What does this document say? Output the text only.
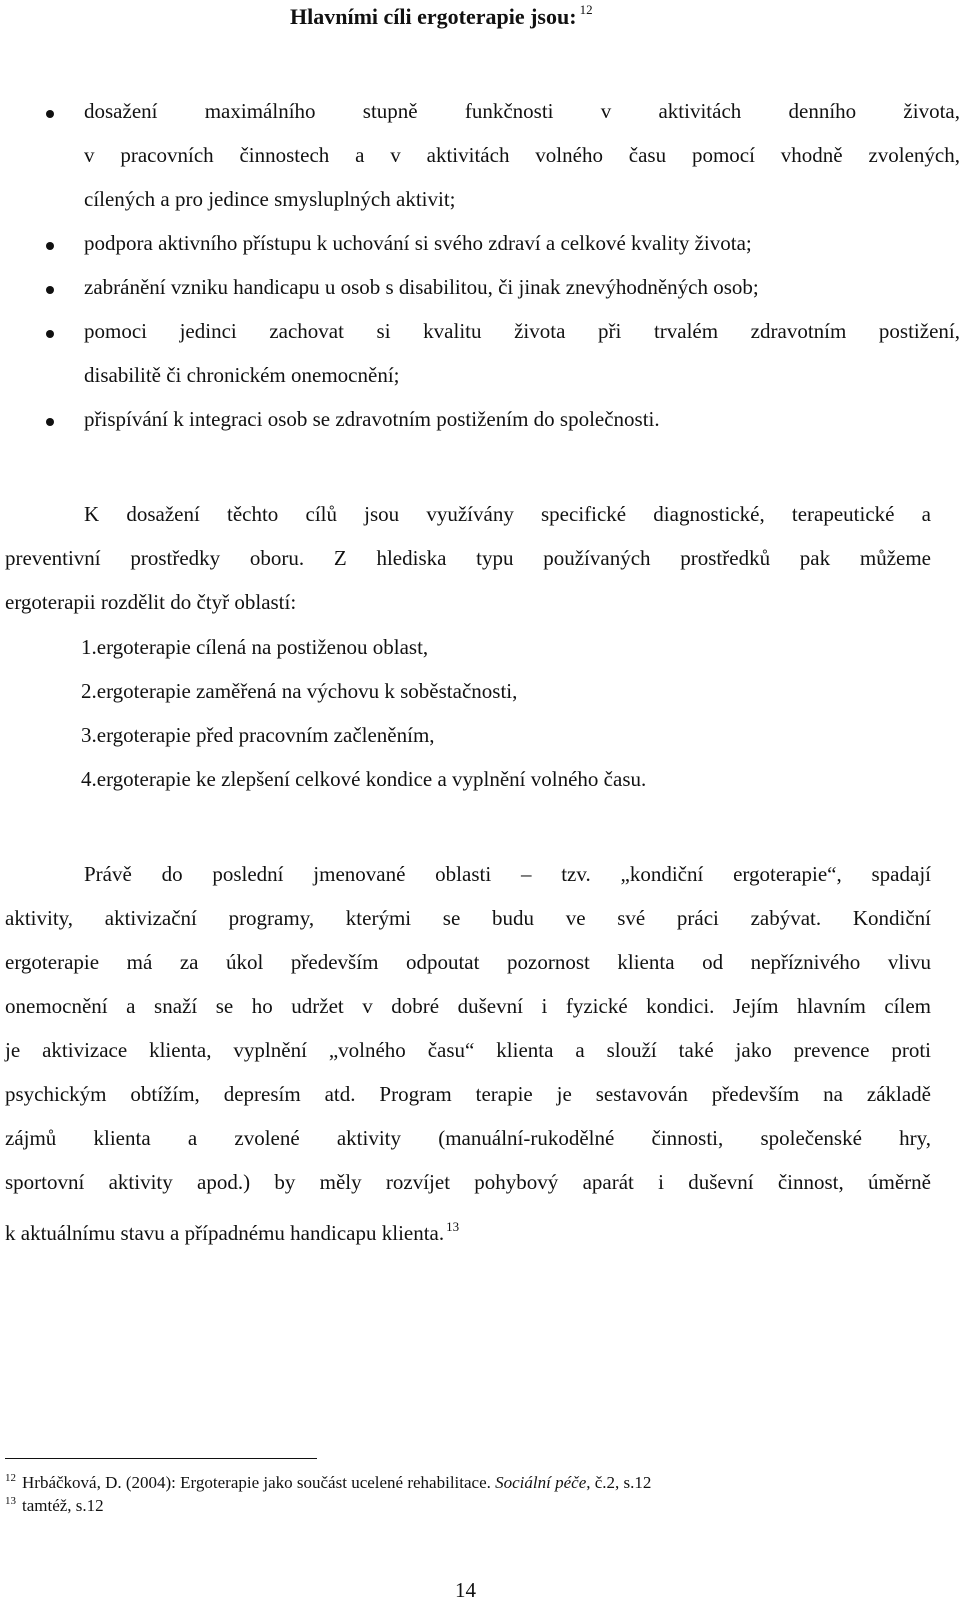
Hlavními cíli ergoterapie jsou: $^{12}$
dosažení maximálního stupně funkčnosti v aktivitách denního života,
v pracovních činnostech a v aktivitách volného času pomocí vhodně zvolených,
cílených a pro jedince smysluplných aktivit;
podpora aktivního přístupu k uchování si svého zdraví a celkové kvality života;
zabránění vzniku handicapu u osob s disabilitou, či jinak znevýhodněných osob;
pomoci jedinci zachovat si kvalitu života při trvalém zdravotním postižení,
disabilitě či chronickém onemocnění;
přispívání k integraci osob se zdravotním postižením do společnosti.
K dosažení těchto cílů jsou využívány specifické diagnostické, terapeutické a
preventivní prostředky oboru. Z hlediska typu používaných prostředků pak můžeme
ergoterapii rozdělit do čtyř oblastí:
1.ergoterapie cílená na postiženou oblast,
2.ergoterapie zaměřená na výchovu k soběstačnosti,
3.ergoterapie před pracovním začleněním,
4.ergoterapie ke zlepšení celkové kondice a vyplnění volného času.
Právě do poslední jmenované oblasti – tzv. „kondiční ergoterapie“, spadají
aktivity, aktivizační programy, kterými se budu ve své práci zabývat. Kondiční
ergoterapie má za úkol především odpoutat pozornost klienta od nepříznivého vlivu
onemocnění a snaží se ho udržet v dobré duševní i fyzické kondici. Jejím hlavním cílem
je aktivizace klienta, vyplnění „volného času“ klienta a slouží také jako prevence proti
psychickým obtížím, depresím atd. Program terapie je sestavován především na základě
zájmů klienta a zvolené aktivity (manuální-rukodělné činnosti, společenské hry,
sportovní aktivity apod.) by měly rozvíjet pohybový aparát i duševní činnost, úměrně
k aktuálnímu stavu a případnému handicapu klienta. $^{13}$
$^{12}$ Hrbáčková, D. (2004): Ergoterapie jako součást ucelené rehabilitace. Sociální péče, č.2, s.12
$^{13}$ tamtéž, s.12
14
